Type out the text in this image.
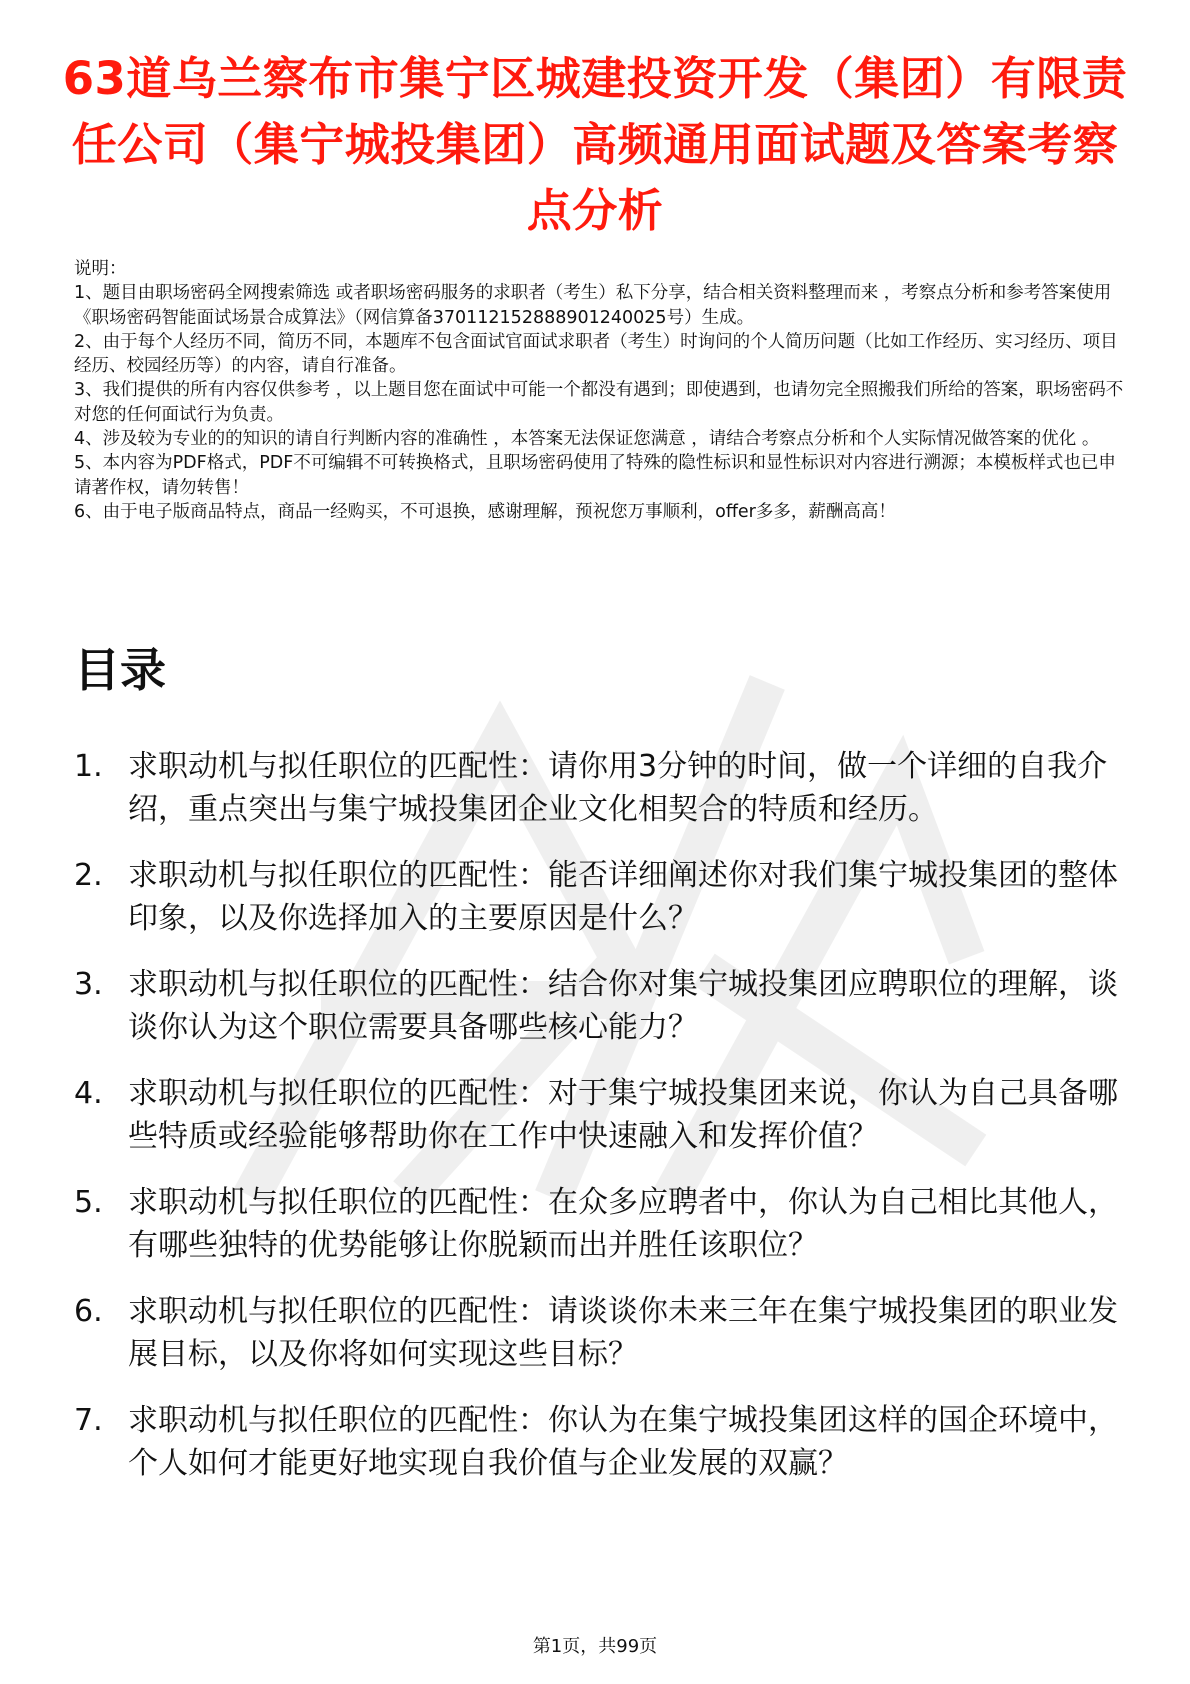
63道乌兰察布市集宁区城建投资开发（集团）有限责任公司（集宁城投集团）高频通用面试题及答案考察点分析

说明：

1、题目由职场密码全网搜索筛选 或者职场密码服务的求职者（考生）私下分享，结合相关资料整理而来 ，考察点分析和参考答案使用《职场密码智能面试场景合成算法》（网信算备370112152888901240025号）生成。

2、由于每个人经历不同，简历不同，本题库不包含面试官面试求职者（考生）时询问的个人简历问题（比如工作经历、实习经历、项目经历、校园经历等）的内容，请自行准备。

3、我们提供的所有内容仅供参考 ，以上题目您在面试中可能一个都没有遇到；即使遇到，也请勿完全照搬我们所给的答案，职场密码不对您的任何面试行为负责。

4、涉及较为专业的的知识的请自行判断内容的准确性 ，本答案无法保证您满意 ，请结合考察点分析和个人实际情况做答案的优化 。

5、本内容为PDF格式，PDF不可编辑不可转换格式，且职场密码使用了特殊的隐性标识和显性标识对内容进行溯源；本模板样式也已申请著作权，请勿转售！

6、由于电子版商品特点，商品一经购买，不可退换，感谢理解，预祝您万事顺利，offer多多，薪酬高高！

目录
1. 求职动机与拟任职位的匹配性：请你用3分钟的时间，做一个详细的自我介绍，重点突出与集宁城投集团企业文化相契合的特质和经历。
2. 求职动机与拟任职位的匹配性：能否详细阐述你对我们集宁城投集团的整体印象，以及你选择加入的主要原因是什么？
3. 求职动机与拟任职位的匹配性：结合你对集宁城投集团应聘职位的理解，谈谈你认为这个职位需要具备哪些核心能力？
4. 求职动机与拟任职位的匹配性：对于集宁城投集团来说，你认为自己具备哪些特质或经验能够帮助你在工作中快速融入和发挥价值？
5. 求职动机与拟任职位的匹配性：在众多应聘者中，你认为自己相比其他人，有哪些独特的优势能够让你脱颖而出并胜任该职位？
6. 求职动机与拟任职位的匹配性：请谈谈你未来三年在集宁城投集团的职业发展目标，以及你将如何实现这些目标？
7. 求职动机与拟任职位的匹配性：你认为在集宁城投集团这样的国企环境中，个人如何才能更好地实现自我价值与企业发展的双赢？
第1页，共99页
